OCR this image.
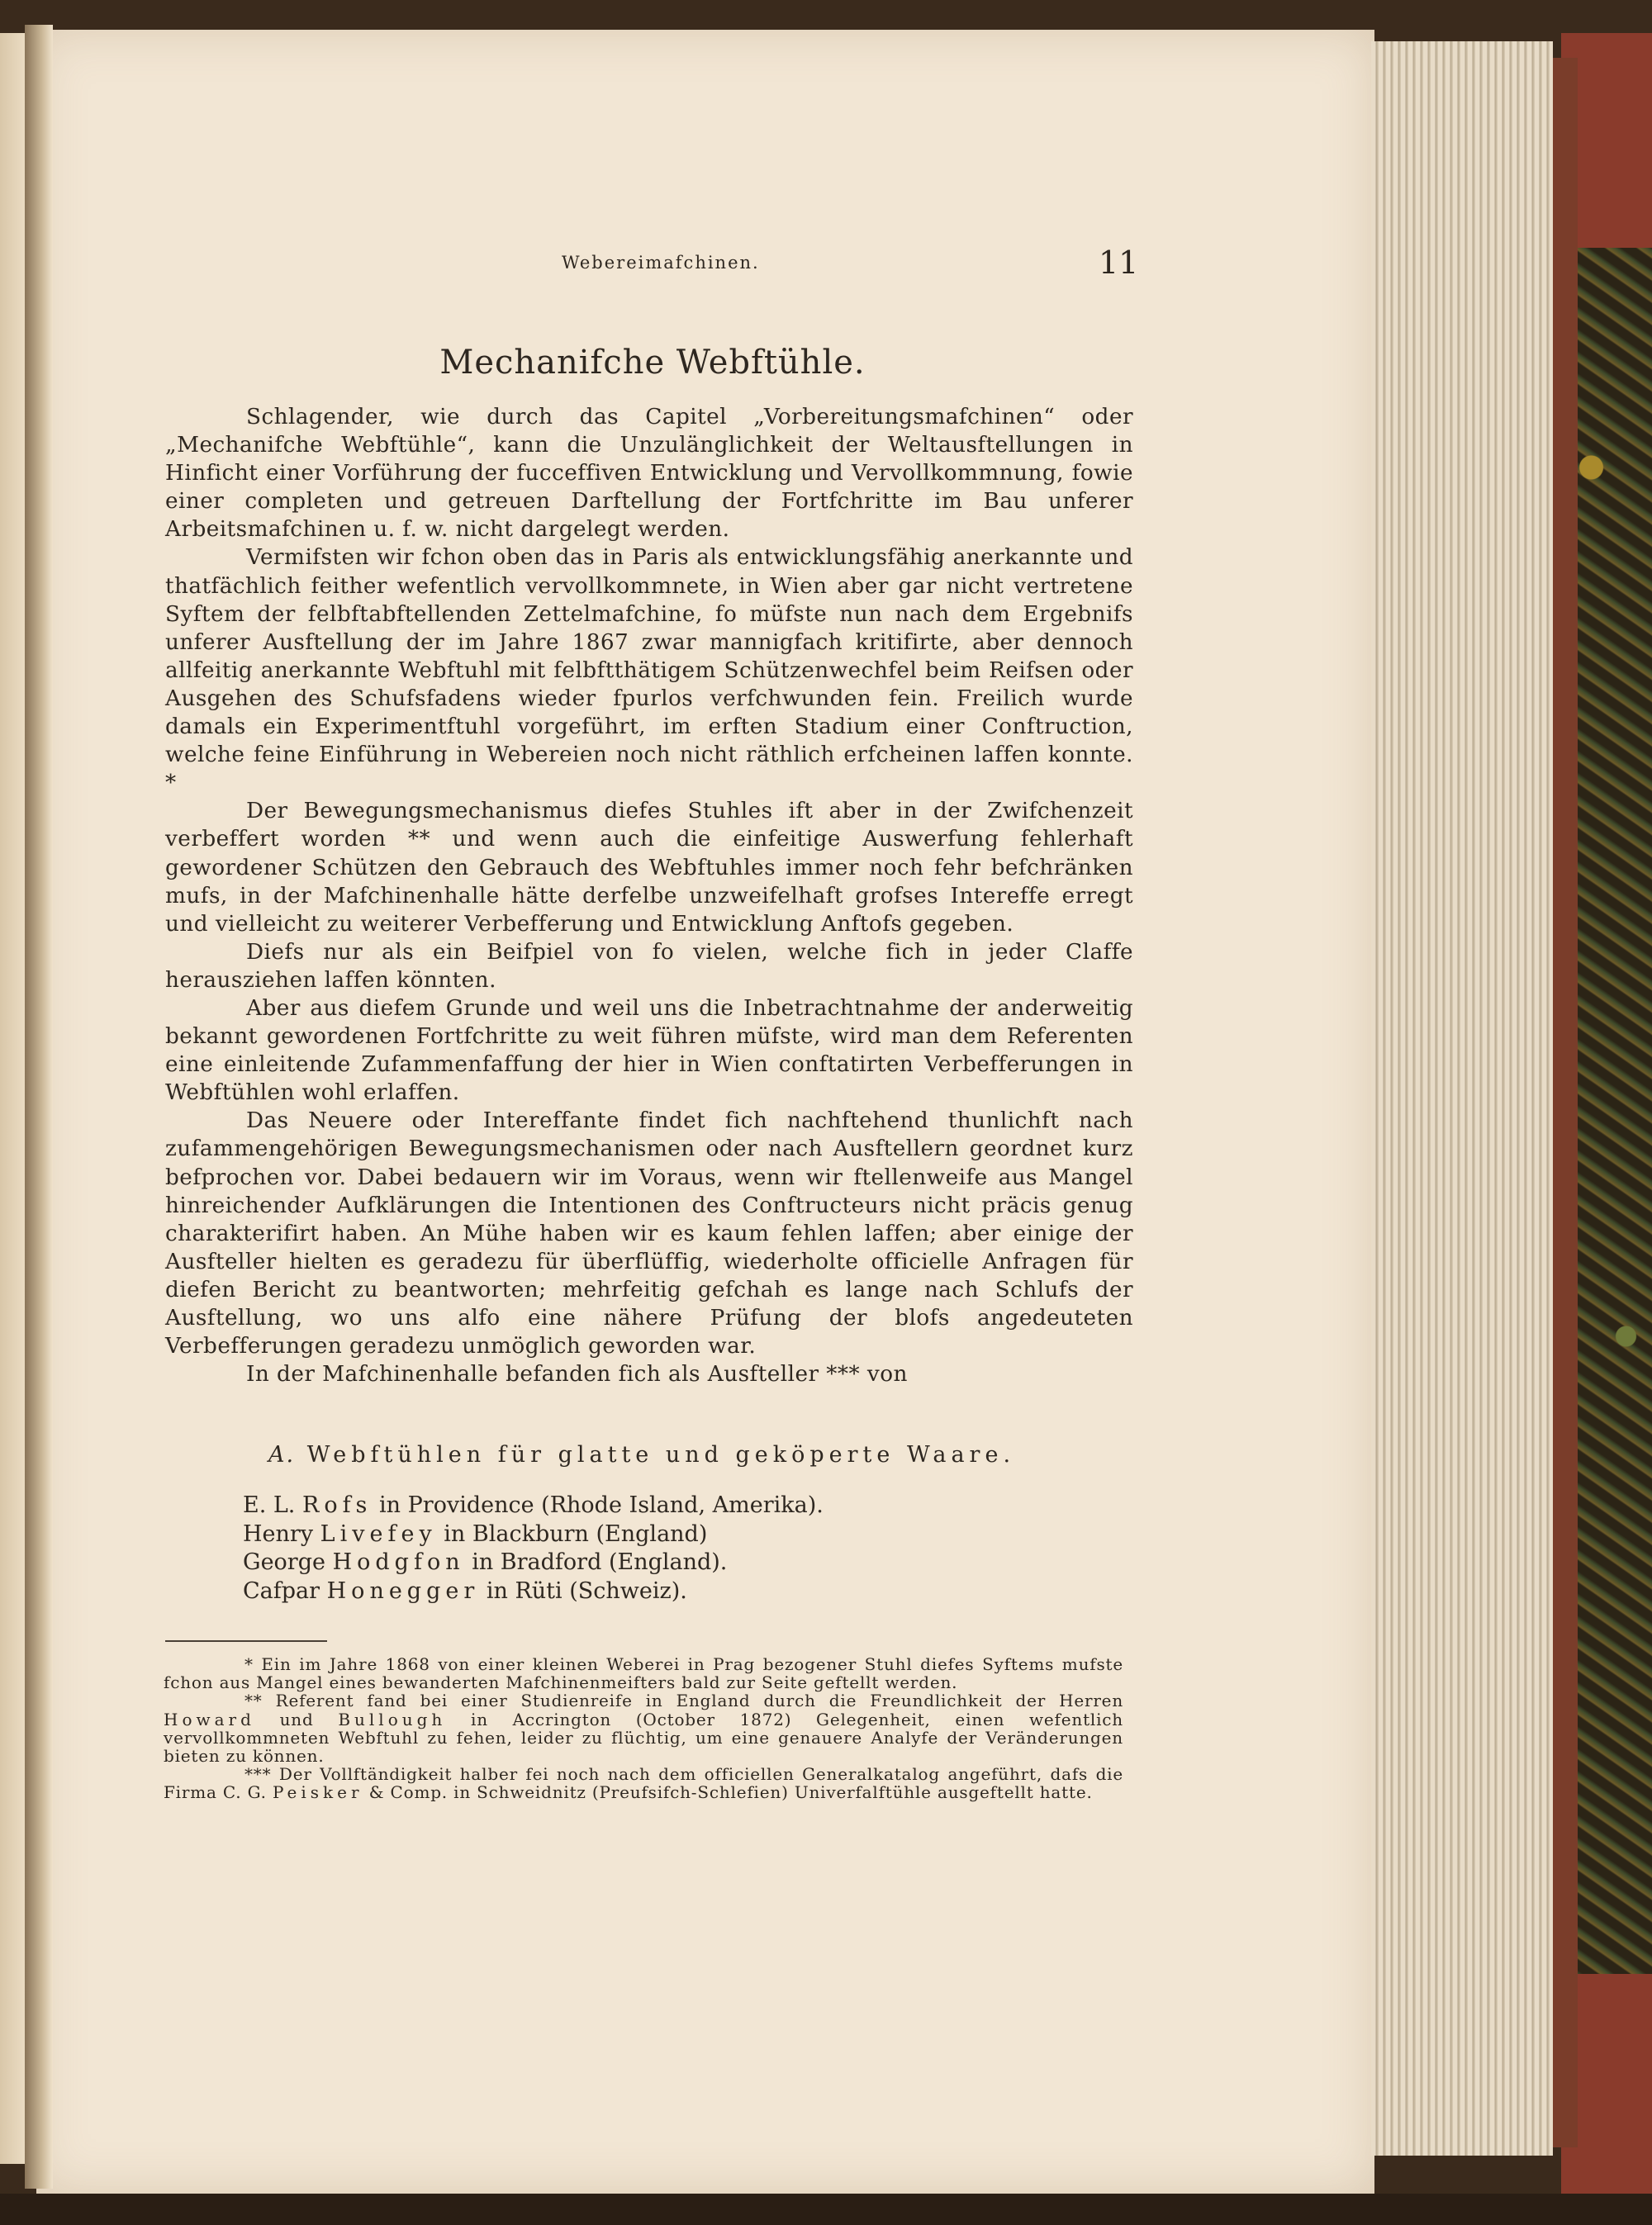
Webereimafchinen.	11
Mechanifche Webftühle.

Schlagender, wie durch das Capitel „Vorbereitungsmafchinen“ oder „Mechanifche Webftühle“, kann die Unzulänglichkeit der Weltausftellungen in Hinficht einer Vorführung der fucceffiven Entwicklung und Vervollkommnung, fowie einer completen und getreuen Darftellung der Fortfchritte im Bau unferer Arbeitsmafchinen u. f. w. nicht dargelegt werden.

Vermifsten wir fchon oben das in Paris als entwicklungsfähig anerkannte und thatfächlich feither wefentlich vervollkommnete, in Wien aber gar nicht vertretene Syftem der felbftabftellenden Zettelmafchine, fo müfste nun nach dem Ergebnifs unferer Ausftellung der im Jahre 1867 zwar mannigfach kritifirte, aber dennoch allfeitig anerkannte Webftuhl mit felbftthätigem Schützenwechfel beim Reifsen oder Ausgehen des Schufsfadens wieder fpurlos verfchwunden fein. Freilich wurde damals ein Experimentftuhl vorgeführt, im erften Stadium einer Conftruction, welche feine Einführung in Webereien noch nicht räthlich erfcheinen laffen konnte. *

Der Bewegungsmechanismus diefes Stuhles ift aber in der Zwifchenzeit verbeffert worden ** und wenn auch die einfeitige Auswerfung fehlerhaft gewordener Schützen den Gebrauch des Webftuhles immer noch fehr befchränken mufs, in der Mafchinenhalle hätte derfelbe unzweifelhaft grofses Intereffe erregt und vielleicht zu weiterer Verbefferung und Entwicklung Anftofs gegeben.

Diefs nur als ein Beifpiel von fo vielen, welche fich in jeder Claffe herausziehen laffen könnten.

Aber aus diefem Grunde und weil uns die Inbetrachtnahme der anderweitig bekannt gewordenen Fortfchritte zu weit führen müfste, wird man dem Referenten eine einleitende Zufammenfaffung der hier in Wien conftatirten Verbefferungen in Webftühlen wohl erlaffen.

Das Neuere oder Intereffante findet fich nachftehend thunlichft nach zufammengehörigen Bewegungsmechanismen oder nach Ausftellern geordnet kurz befprochen vor. Dabei bedauern wir im Voraus, wenn wir ftellenweife aus Mangel hinreichender Aufklärungen die Intentionen des Conftructeurs nicht präcis genug charakterifirt haben. An Mühe haben wir es kaum fehlen laffen; aber einige der Ausfteller hielten es geradezu für überflüffig, wiederholte officielle Anfragen für diefen Bericht zu beantworten; mehrfeitig gefchah es lange nach Schlufs der Ausftellung, wo uns alfo eine nähere Prüfung der blofs angedeuteten Verbefferungen geradezu unmöglich geworden war.

In der Mafchinenhalle befanden fich als Ausfteller *** von

A. Webftühlen für glatte und geköperte Waare.
E. L. Rofs in Providence (Rhode Island, Amerika).
Henry Livefey in Blackburn (England)
George Hodgfon in Bradford (England).
Cafpar Honegger in Rüti (Schweiz).

* Ein im Jahre 1868 von einer kleinen Weberei in Prag bezogener Stuhl diefes Syftems mufste fchon aus Mangel eines bewanderten Mafchinenmeifters bald zur Seite geftellt werden.

** Referent fand bei einer Studienreife in England durch die Freundlichkeit der Herren Howard und Bullough in Accrington (October 1872) Gelegenheit, einen wefentlich vervollkommneten Webftuhl zu fehen, leider zu flüchtig, um eine genauere Analyfe der Veränderungen bieten zu können.

*** Der Vollftändigkeit halber fei noch nach dem officiellen Generalkatalog angeführt, dafs die Firma C. G. Peisker & Comp. in Schweidnitz (Preufsifch-Schlefien) Univerfalftühle ausgeftellt hatte.
